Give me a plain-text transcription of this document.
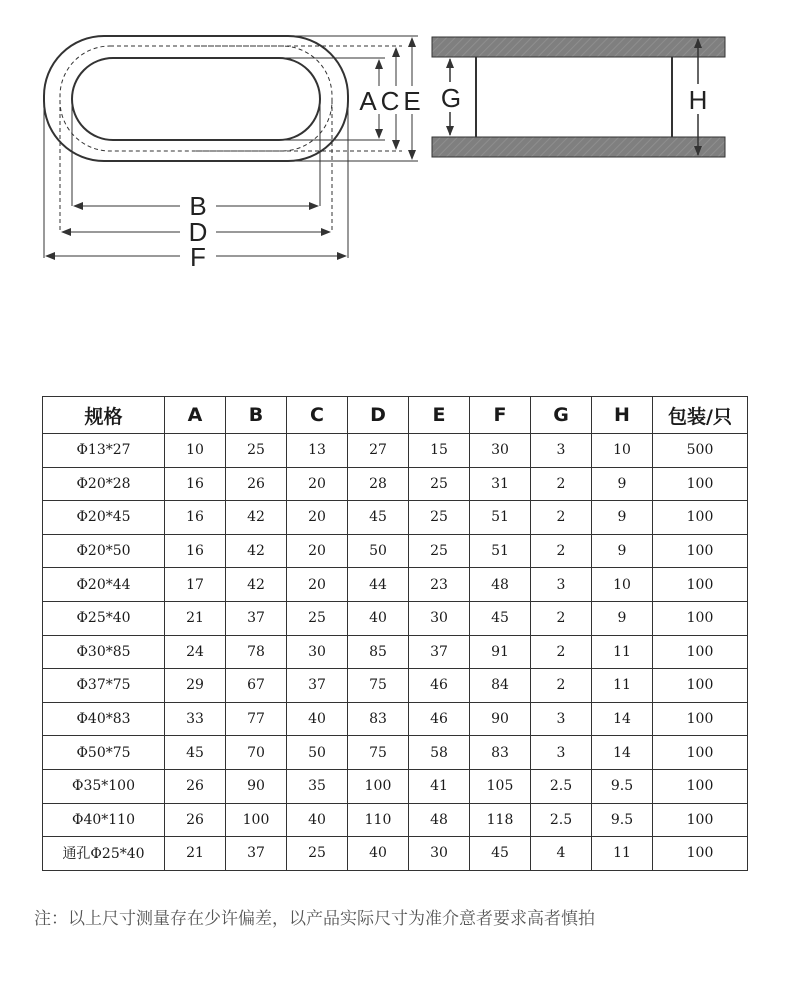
B
D
F
A C E G	H
规格	A	B	C	D	E	F	G	H	包装/只
Φ13*27	10	25	13	27	15	30	3	10	500
Φ20*28	16	26	20	28	25	31	2	9	100
Φ20*45	16	42	20	45	25	51	2	9	100
Φ20*50	16	42	20	50	25	51	2	9	100
Φ20*44	17	42	20	44	23	48	3	10	100
Φ25*40	21	37	25	40	30	45	2	9	100
Φ30*85	24	78	30	85	37	91	2	11	100
Φ37*75	29	67	37	75	46	84	2	11	100
Φ40*83	33	77	40	83	46	90	3	14	100
Φ50*75	45	70	50	75	58	83	3	14	100
Φ35*100	26	90	35	100	41	105	2.5	9.5	100
Φ40*110	26	100	40	110	48	118	2.5	9.5	100
通孔Φ25*40	21	37	25	40	30	45	4	11	100
注：以上尺寸测量存在少许偏差，以产品实际尺寸为准介意者要求高者慎拍
